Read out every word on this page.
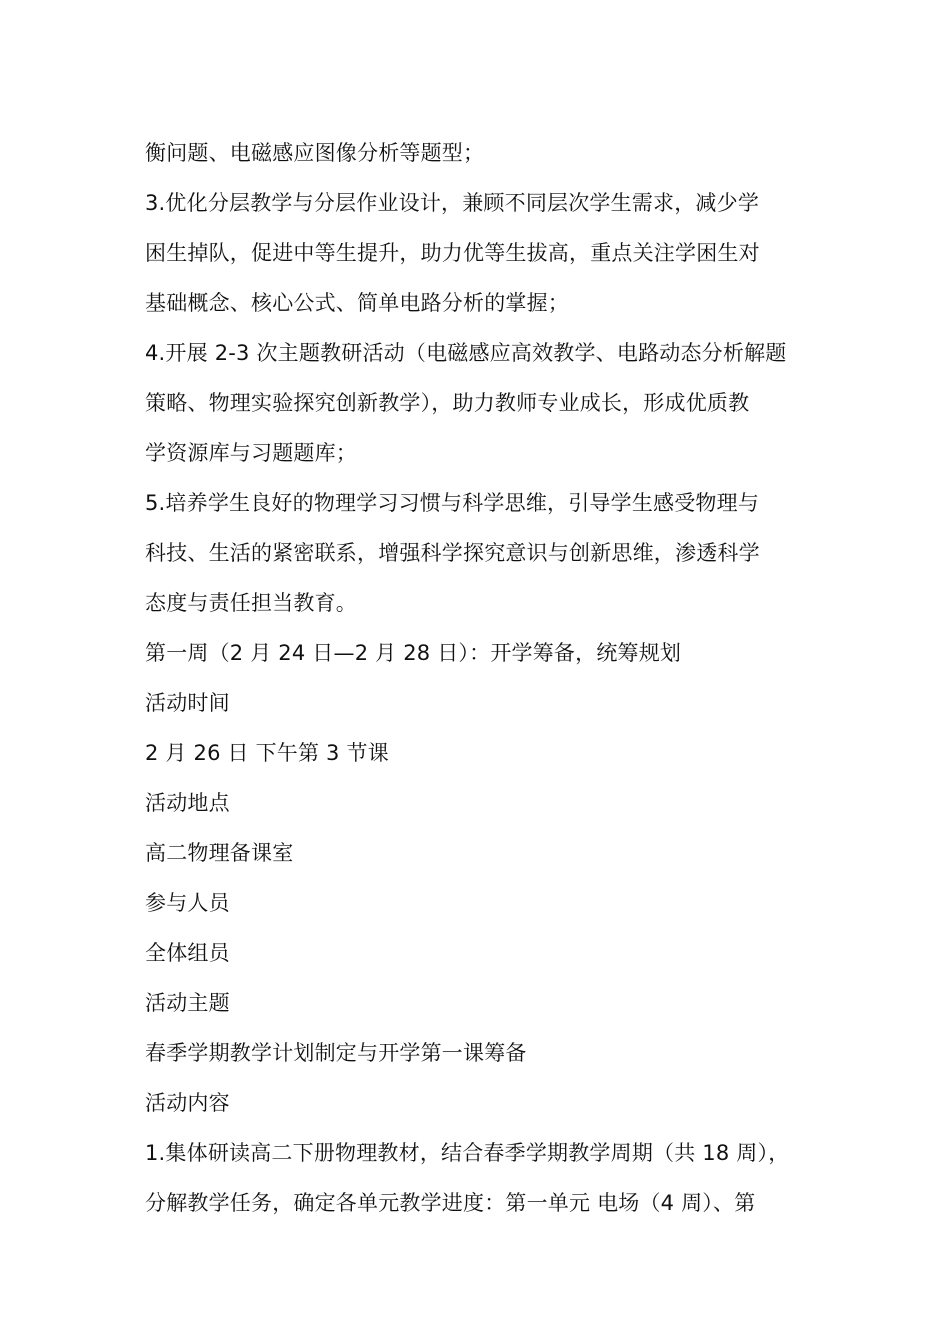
衡问题、电磁感应图像分析等题型；
3.优化分层教学与分层作业设计，兼顾不同层次学生需求，减少学
困生掉队，促进中等生提升，助力优等生拔高，重点关注学困生对
基础概念、核心公式、简单电路分析的掌握；
4.开展 2-3 次主题教研活动（电磁感应高效教学、电路动态分析解题
策略、物理实验探究创新教学），助力教师专业成长，形成优质教
学资源库与习题题库；
5.培养学生良好的物理学习习惯与科学思维，引导学生感受物理与
科技、生活的紧密联系，增强科学探究意识与创新思维，渗透科学
态度与责任担当教育。
第一周（2 月 24 日—2 月 28 日）：开学筹备，统筹规划
活动时间
2 月 26 日 下午第 3 节课
活动地点
高二物理备课室
参与人员
全体组员
活动主题
春季学期教学计划制定与开学第一课筹备
活动内容
1.集体研读高二下册物理教材，结合春季学期教学周期（共 18 周），
分解教学任务，确定各单元教学进度：第一单元 电场（4 周）、第
